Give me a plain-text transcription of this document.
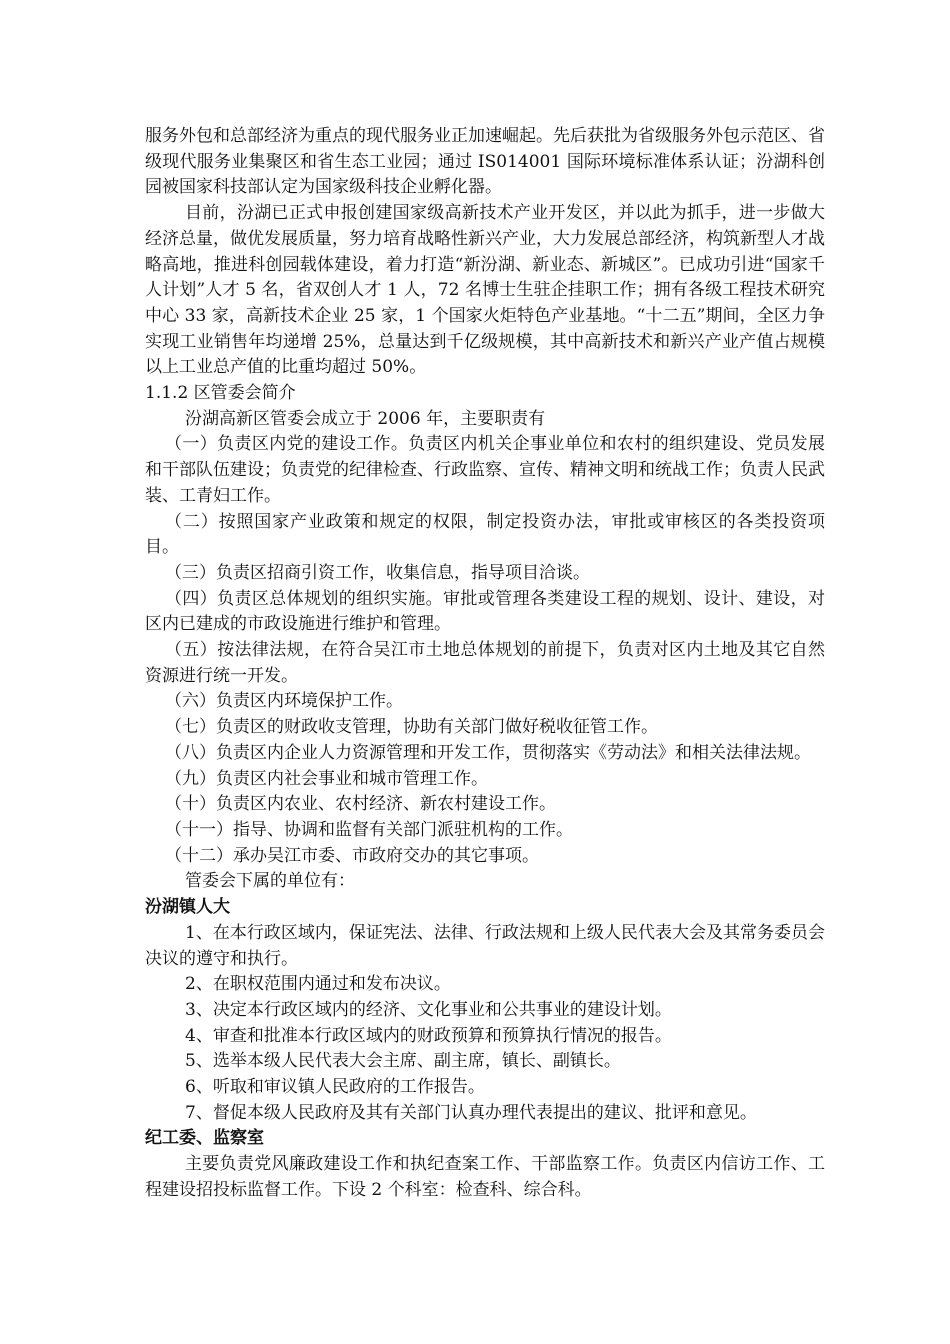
服务外包和总部经济为重点的现代服务业正加速崛起。先后获批为省级服务外包示范区、省级现代服务业集聚区和省生态工业园；通过 IS014001 国际环境标准体系认证；汾湖科创园被国家科技部认定为国家级科技企业孵化器。

目前，汾湖已正式申报创建国家级高新技术产业开发区，并以此为抓手，进一步做大经济总量，做优发展质量，努力培育战略性新兴产业，大力发展总部经济，构筑新型人才战略高地，推进科创园载体建设，着力打造“新汾湖、新业态、新城区”。已成功引进“国家千人计划”人才 5 名，省双创人才 1 人，72 名博士生驻企挂职工作；拥有各级工程技术研究中心 33 家，高新技术企业 25 家，1 个国家火炬特色产业基地。“十二五”期间，全区力争实现工业销售年均递增 25%，总量达到千亿级规模，其中高新技术和新兴产业产值占规模以上工业总产值的比重均超过 50%。

1.1.2 区管委会简介

汾湖高新区管委会成立于 2006 年，主要职责有

（一）负责区内党的建设工作。负责区内机关企事业单位和农村的组织建设、党员发展和干部队伍建设；负责党的纪律检查、行政监察、宣传、精神文明和统战工作；负责人民武装、工青妇工作。

（二）按照国家产业政策和规定的权限，制定投资办法，审批或审核区的各类投资项目。

（三）负责区招商引资工作，收集信息，指导项目洽谈。

（四）负责区总体规划的组织实施。审批或管理各类建设工程的规划、设计、建设，对区内已建成的市政设施进行维护和管理。

（五）按法律法规，在符合吴江市土地总体规划的前提下，负责对区内土地及其它自然资源进行统一开发。

（六）负责区内环境保护工作。

（七）负责区的财政收支管理，协助有关部门做好税收征管工作。

（八）负责区内企业人力资源管理和开发工作，贯彻落实《劳动法》和相关法律法规。

（九）负责区内社会事业和城市管理工作。

（十）负责区内农业、农村经济、新农村建设工作。

（十一）指导、协调和监督有关部门派驻机构的工作。

（十二）承办吴江市委、市政府交办的其它事项。

管委会下属的单位有：

汾湖镇人大

1、在本行政区域内，保证宪法、法律、行政法规和上级人民代表大会及其常务委员会决议的遵守和执行。

2、在职权范围内通过和发布决议。

3、决定本行政区域内的经济、文化事业和公共事业的建设计划。

4、审查和批准本行政区域内的财政预算和预算执行情况的报告。

5、选举本级人民代表大会主席、副主席，镇长、副镇长。

6、听取和审议镇人民政府的工作报告。

7、督促本级人民政府及其有关部门认真办理代表提出的建议、批评和意见。

纪工委、监察室

主要负责党风廉政建设工作和执纪查案工作、干部监察工作。负责区内信访工作、工程建设招投标监督工作。下设 2 个科室：检查科、综合科。
